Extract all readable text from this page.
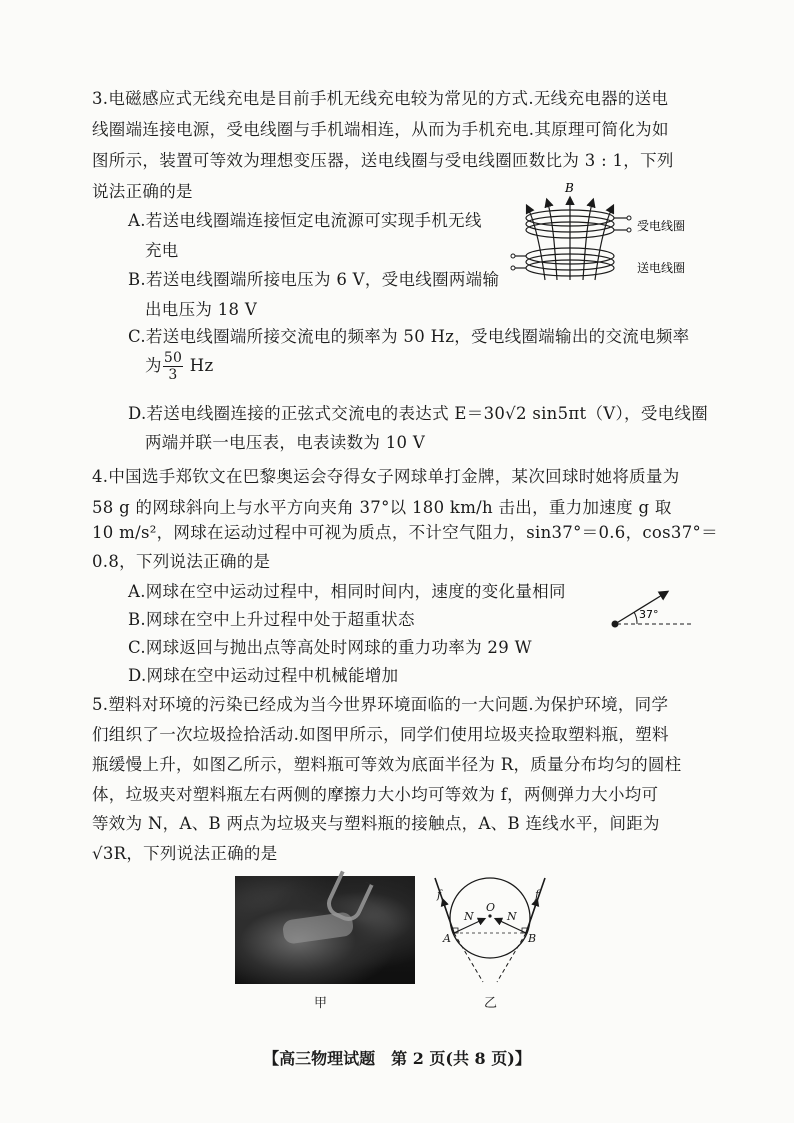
3.电磁感应式无线充电是目前手机无线充电较为常见的方式.无线充电器的送电
线圈端连接电源，受电线圈与手机端相连，从而为手机充电.其原理可简化为如
图所示，装置可等效为理想变压器，送电线圈与受电线圈匝数比为 3 : 1，下列
说法正确的是
A.若送电线圈端连接恒定电流源可实现手机无线
充电
B.若送电线圈端所接电压为 6 V，受电线圈两端输
出电压为 18 V
C.若送电线圈端所接交流电的频率为 50 Hz，受电线圈端输出的交流电频率
为 $\frac{50}{3}$ Hz
D.若送电线圈连接的正弦式交流电的表达式 E＝30√2 sin5πt（V），受电线圈
两端并联一电压表，电表读数为 10 V
B
受电线圈
送电线圈
4.中国选手郑钦文在巴黎奥运会夺得女子网球单打金牌，某次回球时她将质量为
58 g 的网球斜向上与水平方向夹角 37°以 180 km/h 击出，重力加速度 g 取
10 m/s²，网球在运动过程中可视为质点，不计空气阻力，sin37°＝0.6，cos37°＝
0.8，下列说法正确的是
A.网球在空中运动过程中，相同时间内，速度的变化量相同
B.网球在空中上升过程中处于超重状态
C.网球返回与抛出点等高处时网球的重力功率为 29 W
D.网球在空中运动过程中机械能增加
37°
5.塑料对环境的污染已经成为当今世界环境面临的一大问题.为保护环境，同学
们组织了一次垃圾捡拾活动.如图甲所示，同学们使用垃圾夹捡取塑料瓶，塑料
瓶缓慢上升，如图乙所示，塑料瓶可等效为底面半径为 R，质量分布均匀的圆柱
体，垃圾夹对塑料瓶左右两侧的摩擦力大小均可等效为 f，两侧弹力大小均可
等效为 N，A、B 两点为垃圾夹与塑料瓶的接触点，A、B 连线水平，间距为
√3R，下列说法正确的是
甲
f	f
N	N
O
A	B
乙
【高三物理试题　第 2 页(共 8 页)】
